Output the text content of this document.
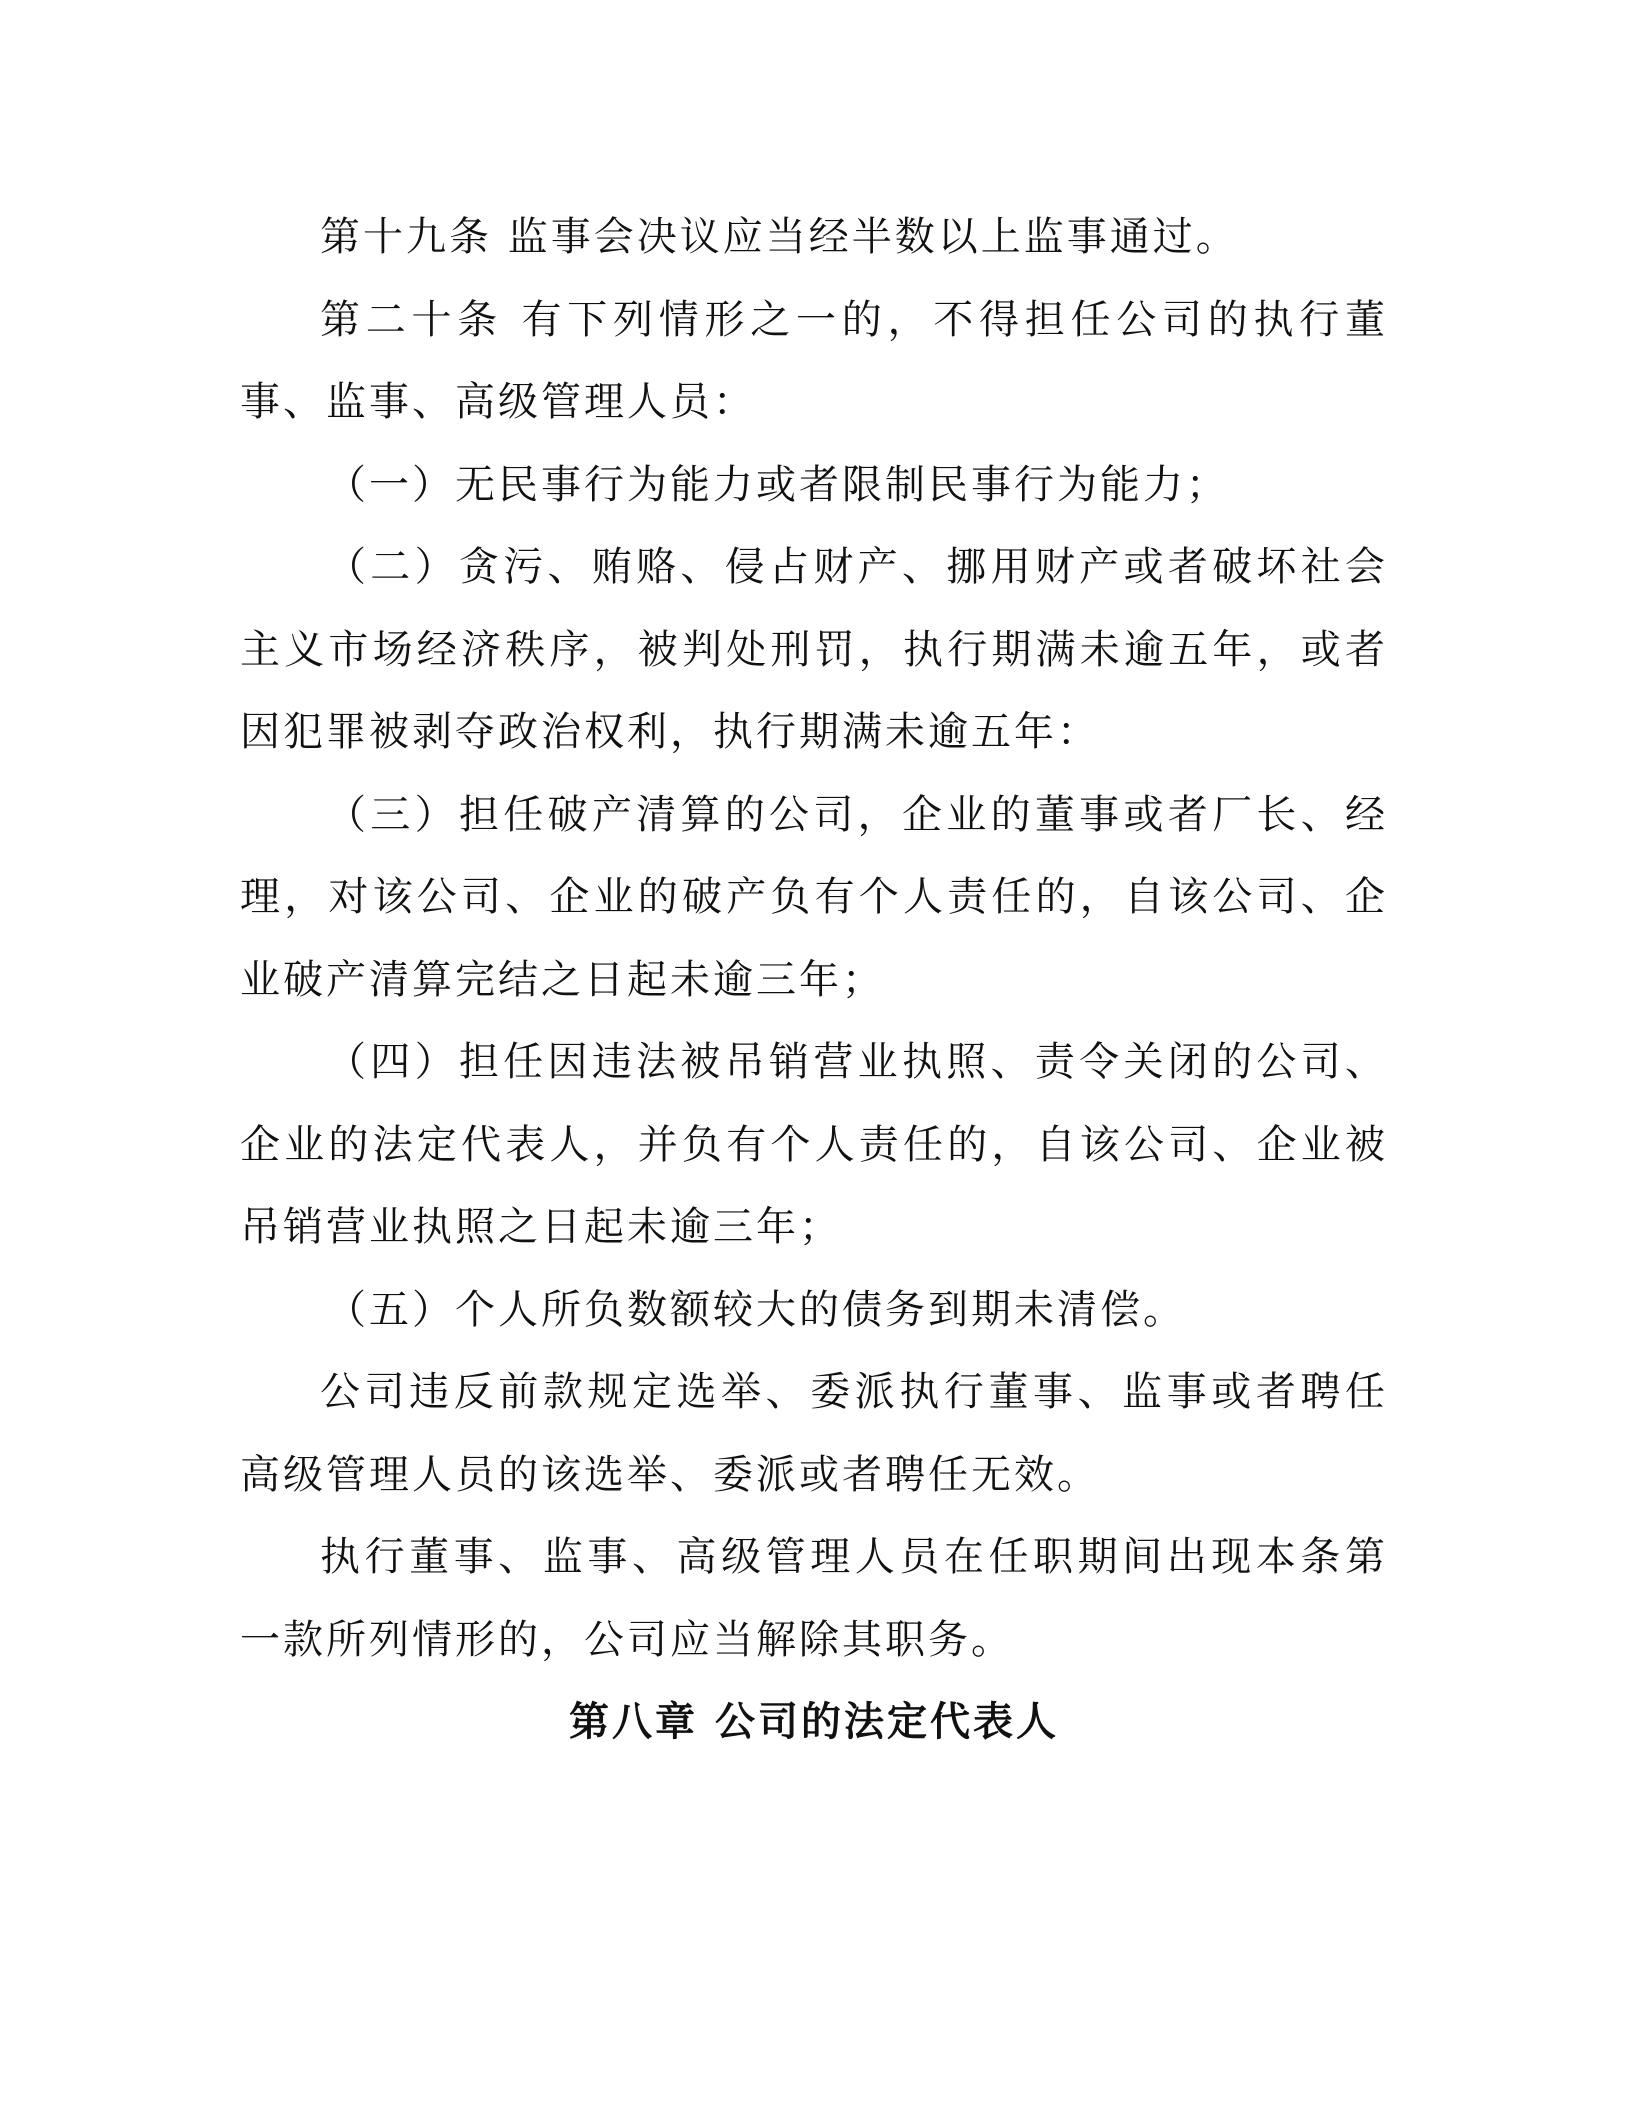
第十九条 监事会决议应当经半数以上监事通过。

第二十条 有下列情形之一的，不得担任公司的执行董事、监事、高级管理人员：

（一）无民事行为能力或者限制民事行为能力；

（二）贪污、贿赂、侵占财产、挪用财产或者破坏社会主义市场经济秩序，被判处刑罚，执行期满未逾五年，或者因犯罪被剥夺政治权利，执行期满未逾五年：

（三）担任破产清算的公司，企业的董事或者厂长、经理，对该公司、企业的破产负有个人责任的，自该公司、企业破产清算完结之日起未逾三年；

（四）担任因违法被吊销营业执照、责令关闭的公司、企业的法定代表人，并负有个人责任的，自该公司、企业被吊销营业执照之日起未逾三年；

（五）个人所负数额较大的债务到期未清偿。

公司违反前款规定选举、委派执行董事、监事或者聘任高级管理人员的该选举、委派或者聘任无效。

执行董事、监事、高级管理人员在任职期间出现本条第一款所列情形的，公司应当解除其职务。

第八章 公司的法定代表人
